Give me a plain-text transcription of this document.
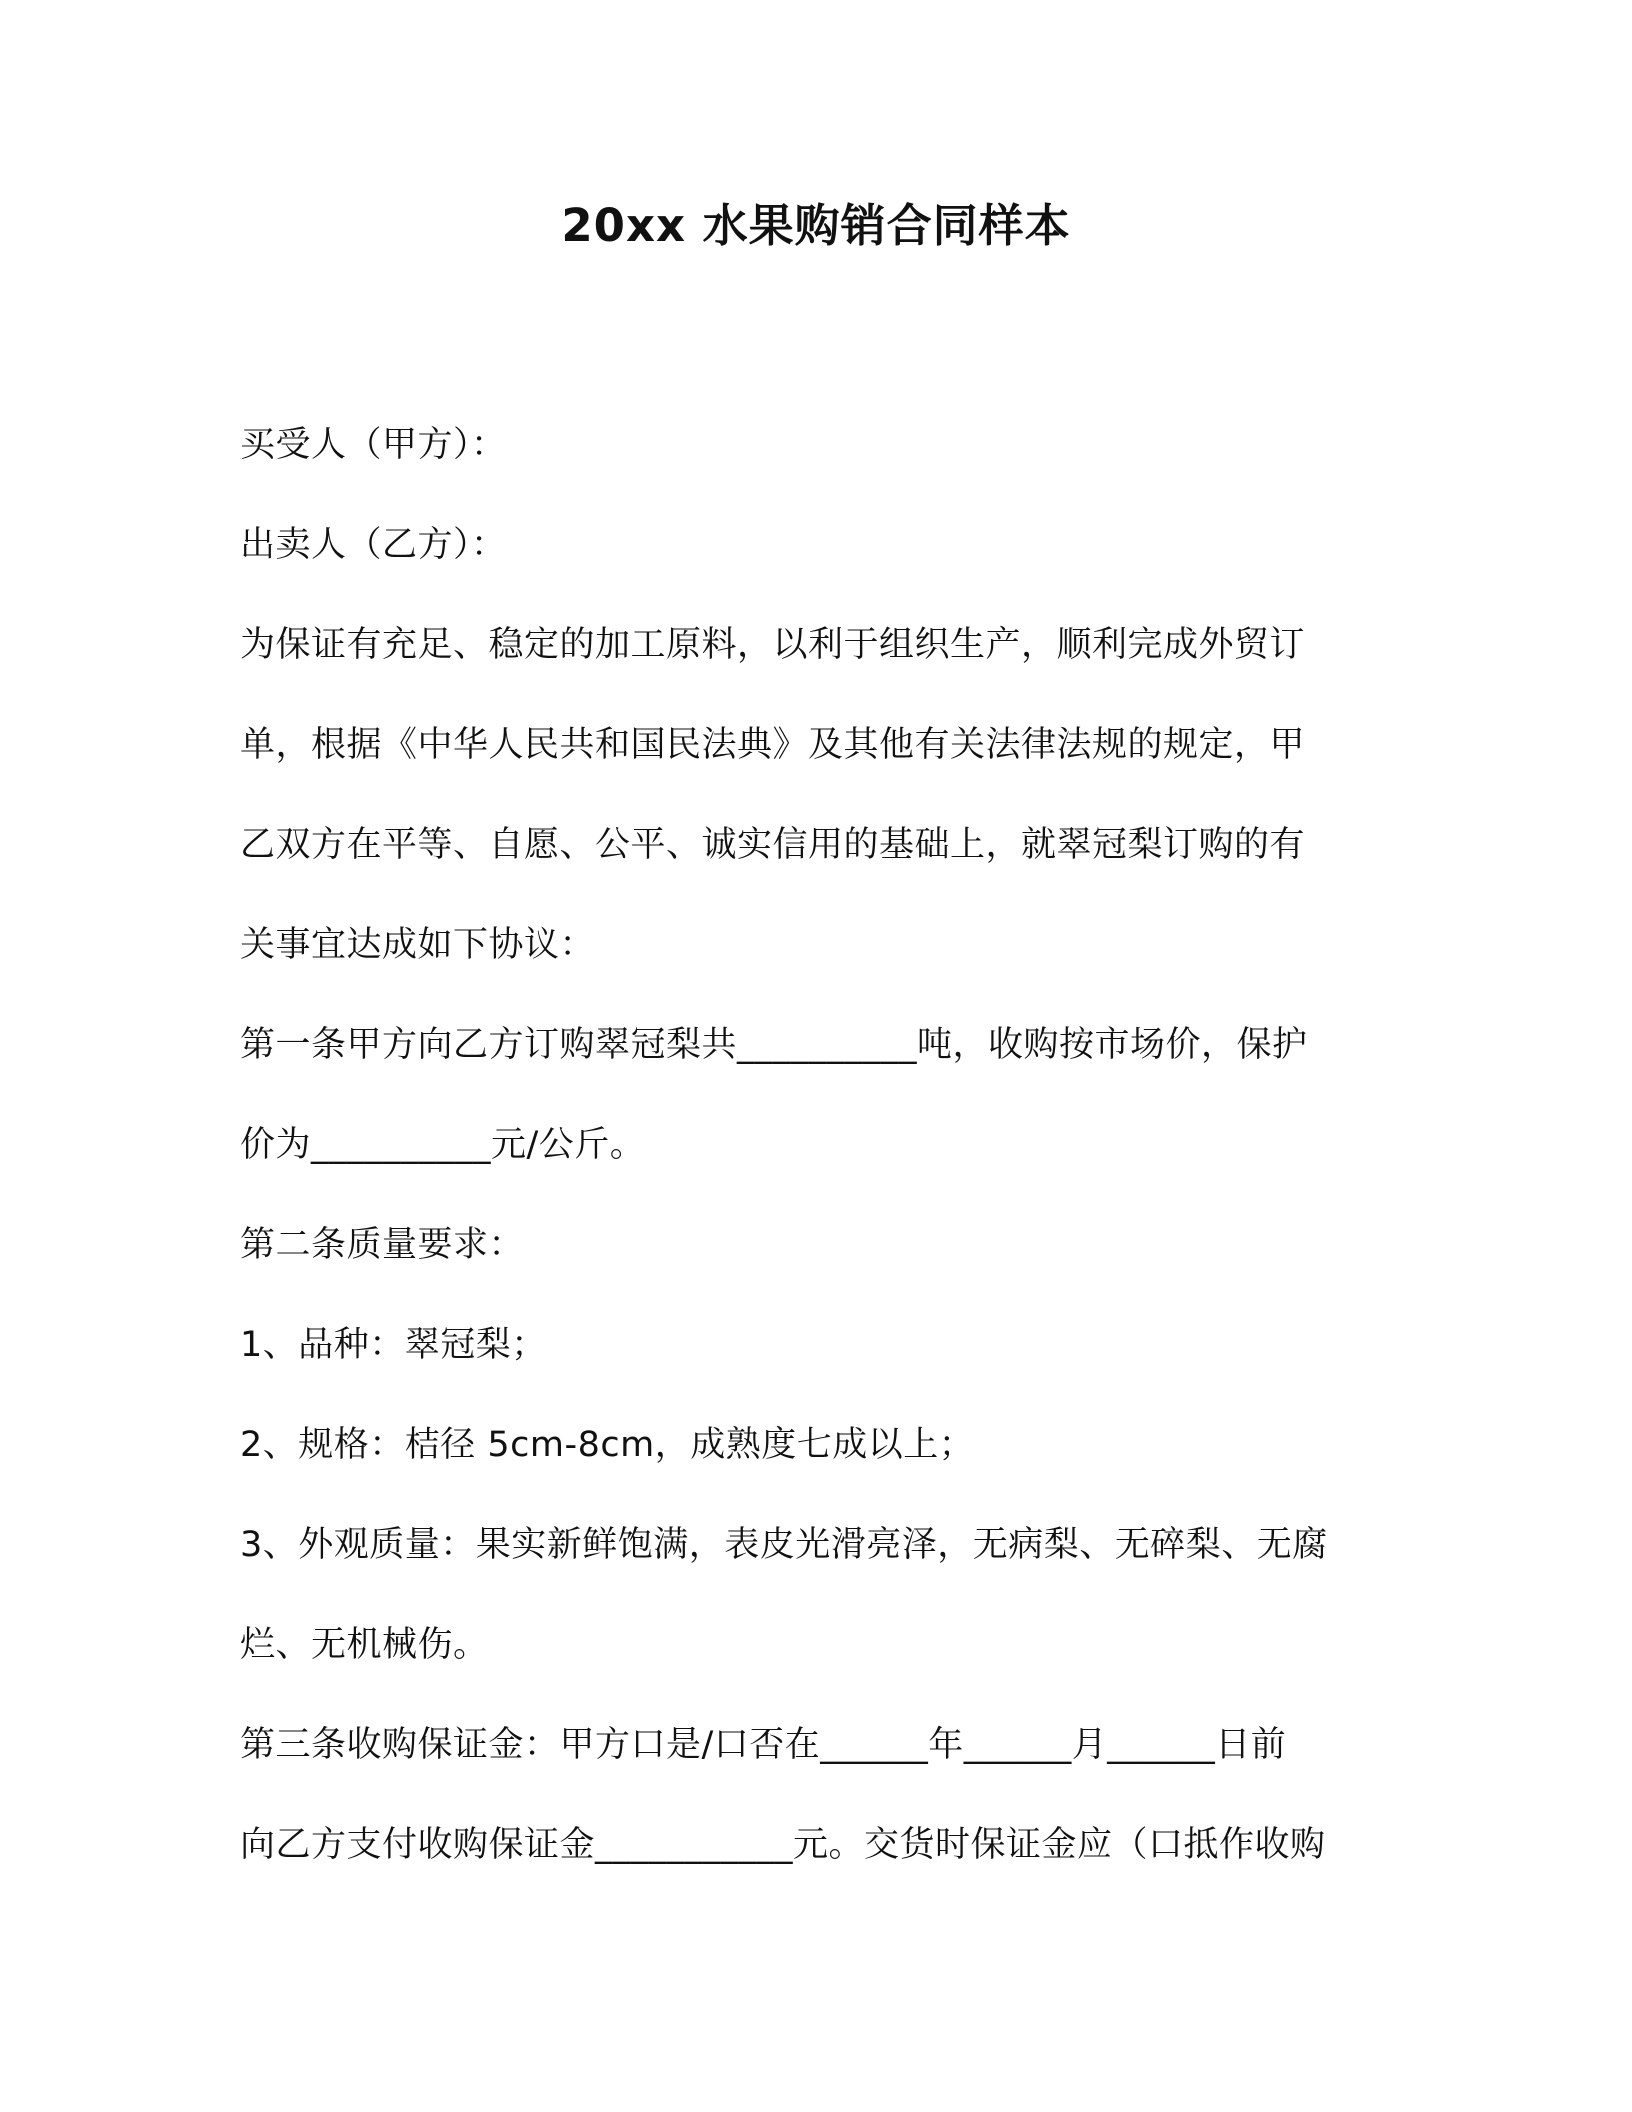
20xx 水果购销合同样本

买受人（甲方）：

出卖人（乙方）：

为保证有充足、稳定的加工原料，以利于组织生产，顺利完成外贸订

单，根据《中华人民共和国民法典》及其他有关法律法规的规定，甲

乙双方在平等、自愿、公平、诚实信用的基础上，就翠冠梨订购的有

关事宜达成如下协议：

第一条甲方向乙方订购翠冠梨共__________吨，收购按市场价，保护

价为__________元/公斤。

第二条质量要求：

1、品种：翠冠梨；

2、规格：桔径 5cm-8cm，成熟度七成以上；

3、外观质量：果实新鲜饱满，表皮光滑亮泽，无病梨、无碎梨、无腐

烂、无机械伤。

第三条收购保证金：甲方口是/口否在______年______月______日前

向乙方支付收购保证金___________元。交货时保证金应（口抵作收购
